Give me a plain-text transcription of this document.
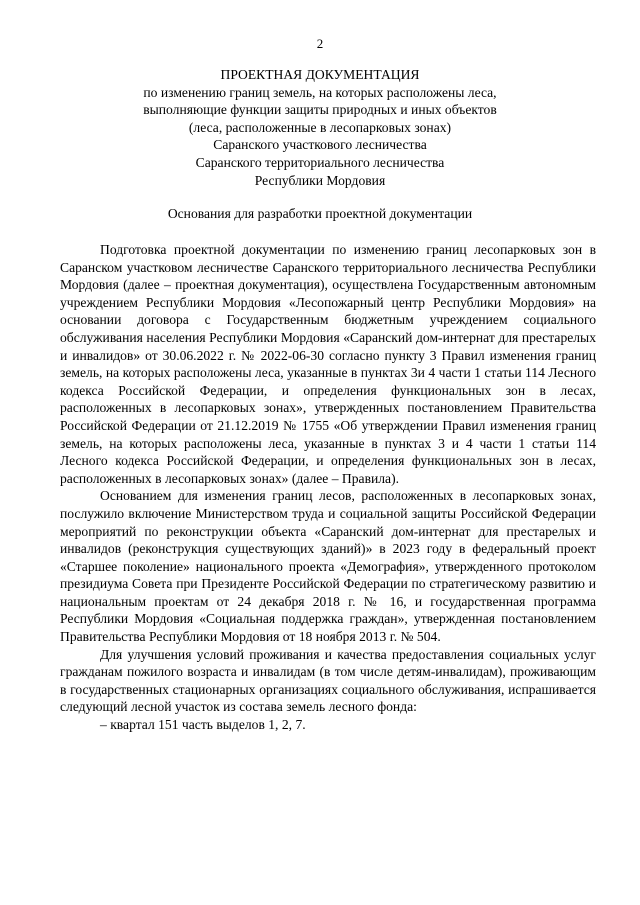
2
ПРОЕКТНАЯ ДОКУМЕНТАЦИЯ
по изменению границ земель, на которых расположены леса,
выполняющие функции защиты природных и иных объектов
(леса, расположенные в лесопарковых зонах)
Саранского участкового лесничества
Саранского территориального лесничества
Республики Мордовия
Основания для разработки проектной документации

Подготовка проектной документации по изменению границ лесопарковых зон в Саранском участковом лесничестве Саранского территориального лесничества Республики Мордовия (далее – проектная документация), осуществлена Государственным автономным учреждением Республики Мордовия «Лесопожарный центр Республики Мордовия» на основании договора с Государственным бюджетным учреждением социального обслуживания населения Республики Мордовия «Саранский дом-интернат для престарелых и инвалидов» от 30.06.2022 г. № 2022-06-30 согласно пункту 3 Правил изменения границ земель, на которых расположены леса, указанные в пунктах 3и 4 части 1 статьи 114 Лесного кодекса Российской Федерации, и определения функциональных зон в лесах, расположенных в лесопарковых зонах», утвержденных постановлением Правительства Российской Федерации от 21.12.2019 № 1755 «Об утверждении Правил изменения границ земель, на которых расположены леса, указанные в пунктах 3 и 4 части 1 статьи 114 Лесного кодекса Российской Федерации, и определения функциональных зон в лесах, расположенных в лесопарковых зонах» (далее – Правила).

Основанием для изменения границ лесов, расположенных в лесопарковых зонах, послужило включение Министерством труда и социальной защиты Российской Федерации мероприятий по реконструкции объекта «Саранский дом-интернат для престарелых и инвалидов (реконструкция существующих зданий)» в 2023 году в федеральный проект «Старшее поколение» национального проекта «Демография», утвержденного протоколом президиума Совета при Президенте Российской Федерации по стратегическому развитию и национальным проектам от 24 декабря 2018 г. № 16, и государственная программа Республики Мордовия «Социальная поддержка граждан», утвержденная постановлением Правительства Республики Мордовия от 18 ноября 2013 г. № 504.

Для улучшения условий проживания и качества предоставления социальных услуг гражданам пожилого возраста и инвалидам (в том числе детям-инвалидам), проживающим в государственных стационарных организациях социального обслуживания, испрашивается следующий лесной участок из состава земель лесного фонда:

– квартал 151 часть выделов 1, 2, 7.
